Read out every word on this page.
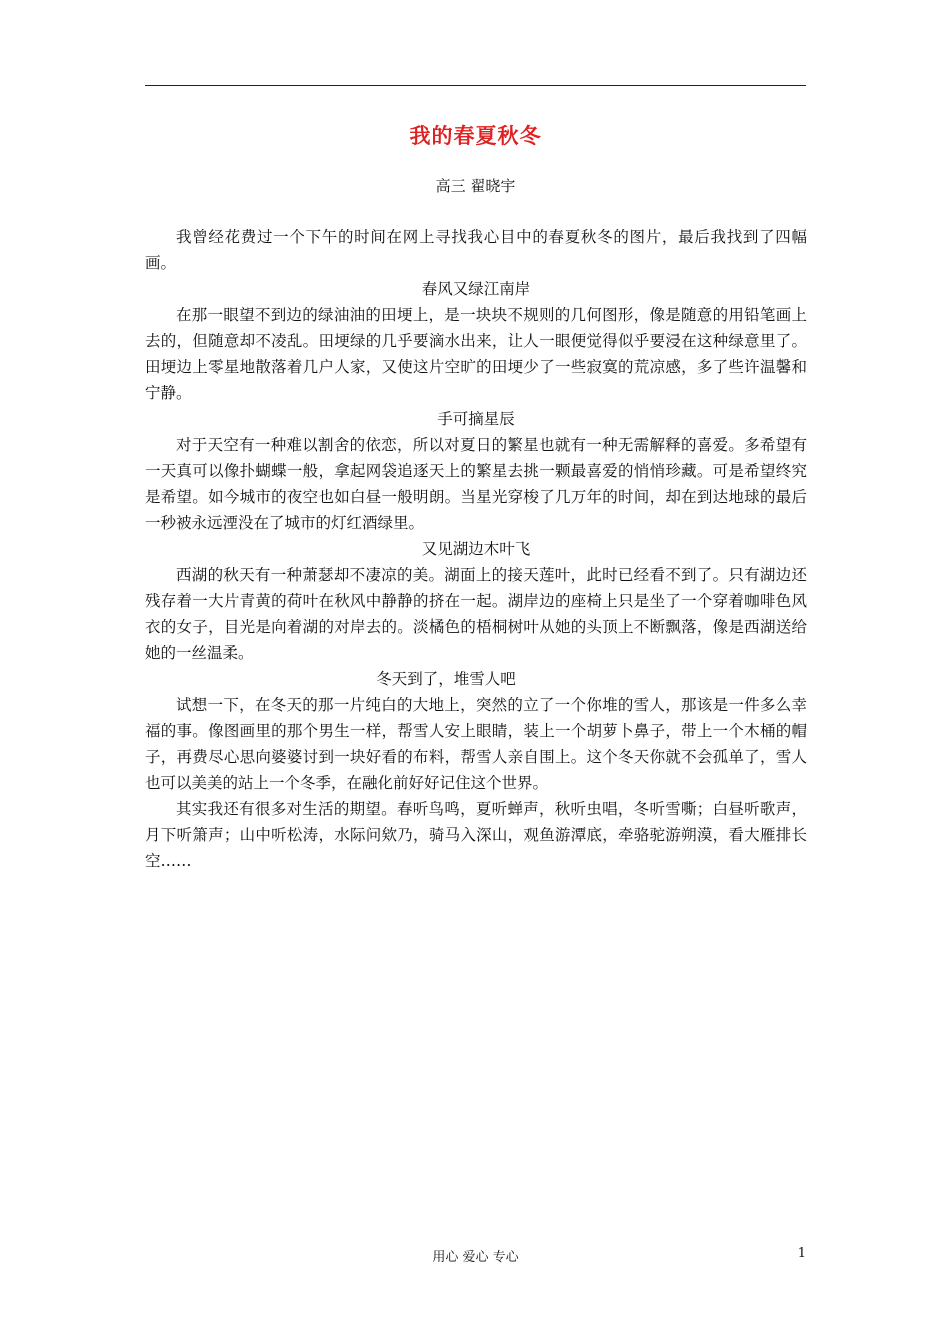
我的春夏秋冬
高三 翟晓宇

我曾经花费过一个下午的时间在网上寻找我心目中的春夏秋冬的图片，最后我找到了四幅画。

春风又绿江南岸

在那一眼望不到边的绿油油的田埂上，是一块块不规则的几何图形，像是随意的用铅笔画上去的，但随意却不凌乱。田埂绿的几乎要滴水出来，让人一眼便觉得似乎要浸在这种绿意里了。田埂边上零星地散落着几户人家，又使这片空旷的田埂少了一些寂寞的荒凉感，多了些许温馨和宁静。

手可摘星辰

对于天空有一种难以割舍的依恋，所以对夏日的繁星也就有一种无需解释的喜爱。多希望有一天真可以像扑蝴蝶一般，拿起网袋追逐天上的繁星去挑一颗最喜爱的悄悄珍藏。可是希望终究是希望。如今城市的夜空也如白昼一般明朗。当星光穿梭了几万年的时间，却在到达地球的最后一秒被永远湮没在了城市的灯红酒绿里。

又见湖边木叶飞

西湖的秋天有一种萧瑟却不凄凉的美。湖面上的接天莲叶，此时已经看不到了。只有湖边还残存着一大片青黄的荷叶在秋风中静静的挤在一起。湖岸边的座椅上只是坐了一个穿着咖啡色风衣的女子，目光是向着湖的对岸去的。淡橘色的梧桐树叶从她的头顶上不断飘落，像是西湖送给她的一丝温柔。

冬天到了，堆雪人吧

试想一下，在冬天的那一片纯白的大地上，突然的立了一个你堆的雪人，那该是一件多么幸福的事。像图画里的那个男生一样，帮雪人安上眼睛，装上一个胡萝卜鼻子，带上一个木桶的帽子，再费尽心思向婆婆讨到一块好看的布料，帮雪人亲自围上。这个冬天你就不会孤单了，雪人也可以美美的站上一个冬季，在融化前好好记住这个世界。

其实我还有很多对生活的期望。春听鸟鸣，夏听蝉声，秋听虫唱，冬听雪嘶；白昼听歌声，月下听箫声；山中听松涛，水际问欸乃，骑马入深山，观鱼游潭底，牵骆驼游朔漠，看大雁排长空……

用心 爱心 专心	1
